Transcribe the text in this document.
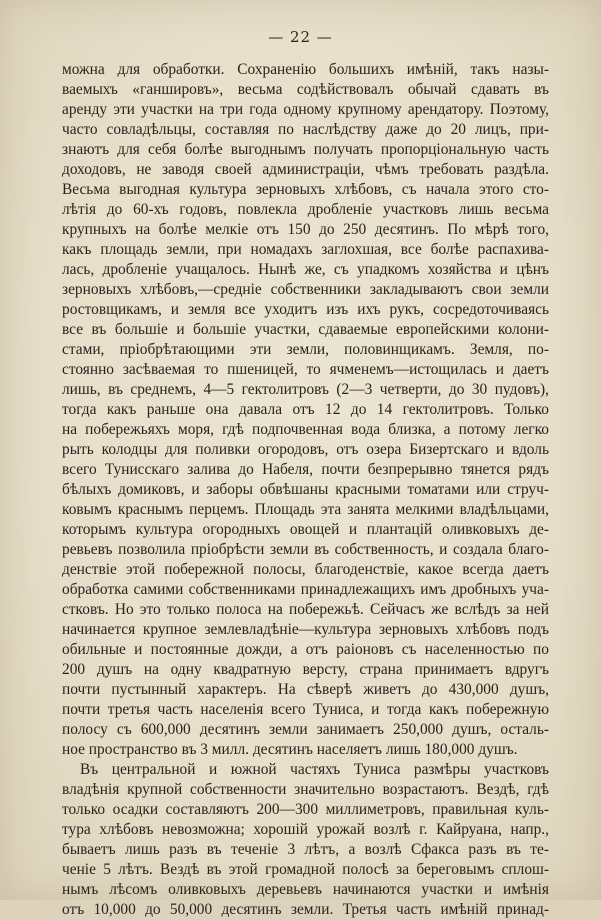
— 22 —
можна для обработки. Сохраненію большихъ имѣній, такъ назы-
ваемыхъ «ганшировъ», весьма содѣйствовалъ обычай сдавать въ
аренду эти участки на три года одному крупному арендатору. Поэтому,
часто совладѣльцы, составляя по наслѣдству даже до 20 лицъ, при-
знаютъ для себя болѣе выгоднымъ получать пропорціональную часть
доходовъ, не заводя своей администраціи, чѣмъ требовать раздѣла.
Весьма выгодная культура зерновыхъ хлѣбовъ, съ начала этого сто-
лѣтія до 60-хъ годовъ, повлекла дробленіе участковъ лишь весьма
крупныхъ на болѣе мелкіе отъ 150 до 250 десятинъ. По мѣрѣ того,
какъ площадь земли, при номадахъ заглохшая, все болѣе распахива-
лась, дробленіе учащалось. Нынѣ же, съ упадкомъ хозяйства и цѣнъ
зерновыхъ хлѣбовъ,—средніе собственники закладываютъ свои земли
ростовщикамъ, и земля все уходитъ изъ ихъ рукъ, сосредоточиваясь
все въ большіе и большіе участки, сдаваемые европейскими колони-
стами, пріобрѣтающими эти земли, половинщикамъ. Земля, по-
стоянно засѣваемая то пшеницей, то ячменемъ—истощилась и даетъ
лишь, въ среднемъ, 4—5 гектолитровъ (2—3 четверти, до 30 пудовъ),
тогда какъ раньше она давала отъ 12 до 14 гектолитровъ. Только
на побережьяхъ моря, гдѣ подпочвенная вода близка, а потому легко
рыть колодцы для поливки огородовъ, отъ озера Бизертскаго и вдоль
всего Тунисскаго залива до Набеля, почти безпрерывно тянется рядъ
бѣлыхъ домиковъ, и заборы обвѣшаны красными томатами или струч-
ковымъ краснымъ перцемъ. Площадь эта занята мелкими владѣльцами,
которымъ культура огородныхъ овощей и плантацій оливковыхъ де-
ревьевъ позволила пріобрѣсти земли въ собственность, и создала благо-
денствіе этой побережной полосы, благоденствіе, какое всегда даетъ
обработка самими собственниками принадлежащихъ имъ дробныхъ уча-
стковъ. Но это только полоса на побережьѣ. Сейчасъ же вслѣдъ за ней
начинается крупное землевладѣніе—культура зерновыхъ хлѣбовъ подъ
обильные и постоянные дожди, а отъ раіоновъ съ населенностью по
200 душъ на одну квадратную версту, страна принимаетъ вдругъ
почти пустынный характеръ. На сѣверѣ живетъ до 430,000 душъ,
почти третья часть населенія всего Туниса, и тогда какъ побережную
полосу съ 600,000 десятинъ земли занимаетъ 250,000 душъ, осталь-
ное пространство въ 3 милл. десятинъ населяетъ лишь 180,000 душъ.
Въ центральной и южной частяхъ Туниса размѣры участковъ
владѣнія крупной собственности значительно возрастаютъ. Вездѣ, гдѣ
только осадки составляютъ 200—300 миллиметровъ, правильная куль-
тура хлѣбовъ невозможна; хорошій урожай возлѣ г. Кайруана, напр.,
бываетъ лишь разъ въ теченіе 3 лѣтъ, а возлѣ Сфакса разъ въ те-
ченіе 5 лѣтъ. Вездѣ въ этой громадной полосѣ за береговымъ сплош-
нымъ лѣсомъ оливковыхъ деревьевъ начинаются участки и имѣнія
отъ 10,000 до 50,000 десятинъ земли. Третья часть имѣній принад-
